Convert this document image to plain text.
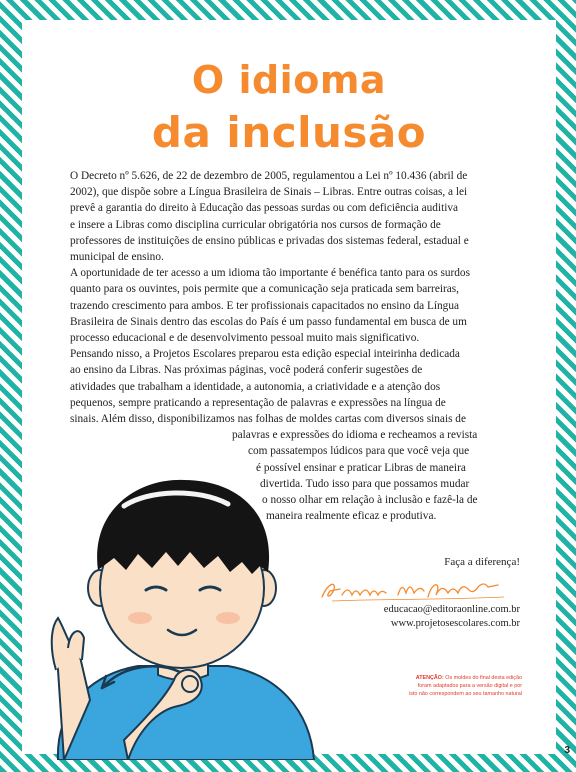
O idioma
da inclusão

O Decreto nº 5.626, de 22 de dezembro de 2005, regulamentou a Lei nº 10.436 (abril de
2002), que dispõe sobre a Língua Brasileira de Sinais – Libras. Entre outras coisas, a lei
prevê a garantia do direito à Educação das pessoas surdas ou com deficiência auditiva
e insere a Libras como disciplina curricular obrigatória nos cursos de formação de
professores de instituições de ensino públicas e privadas dos sistemas federal, estadual e
municipal de ensino.

A oportunidade de ter acesso a um idioma tão importante é benéfica tanto para os surdos
quanto para os ouvintes, pois permite que a comunicação seja praticada sem barreiras,
trazendo crescimento para ambos. E ter profissionais capacitados no ensino da Língua
Brasileira de Sinais dentro das escolas do País é um passo fundamental em busca de um
processo educacional e de desenvolvimento pessoal muito mais significativo.

Pensando nisso, a Projetos Escolares preparou esta edição especial inteirinha dedicada
ao ensino da Libras. Nas próximas páginas, você poderá conferir sugestões de
atividades que trabalham a identidade, a autonomia, a criatividade e a atenção dos
pequenos, sempre praticando a representação de palavras e expressões na língua de
sinais. Além disso, disponibilizamos nas folhas de moldes cartas com diversos sinais de
palavras e expressões do idioma e recheamos a revista
com passatempos lúdicos para que você veja que
é possível ensinar e praticar Libras de maneira
divertida. Tudo isso para que possamos mudar
o nosso olhar em relação à inclusão e fazê-la de
maneira realmente eficaz e produtiva.

Faça a diferença!
educacao@editoraonline.com.br
www.projetosescolares.com.br
ATENÇÃO: Os moldes do final desta edição
foram adaptados para a versão digital e por
isto não correspondem ao seu tamanho natural
3
